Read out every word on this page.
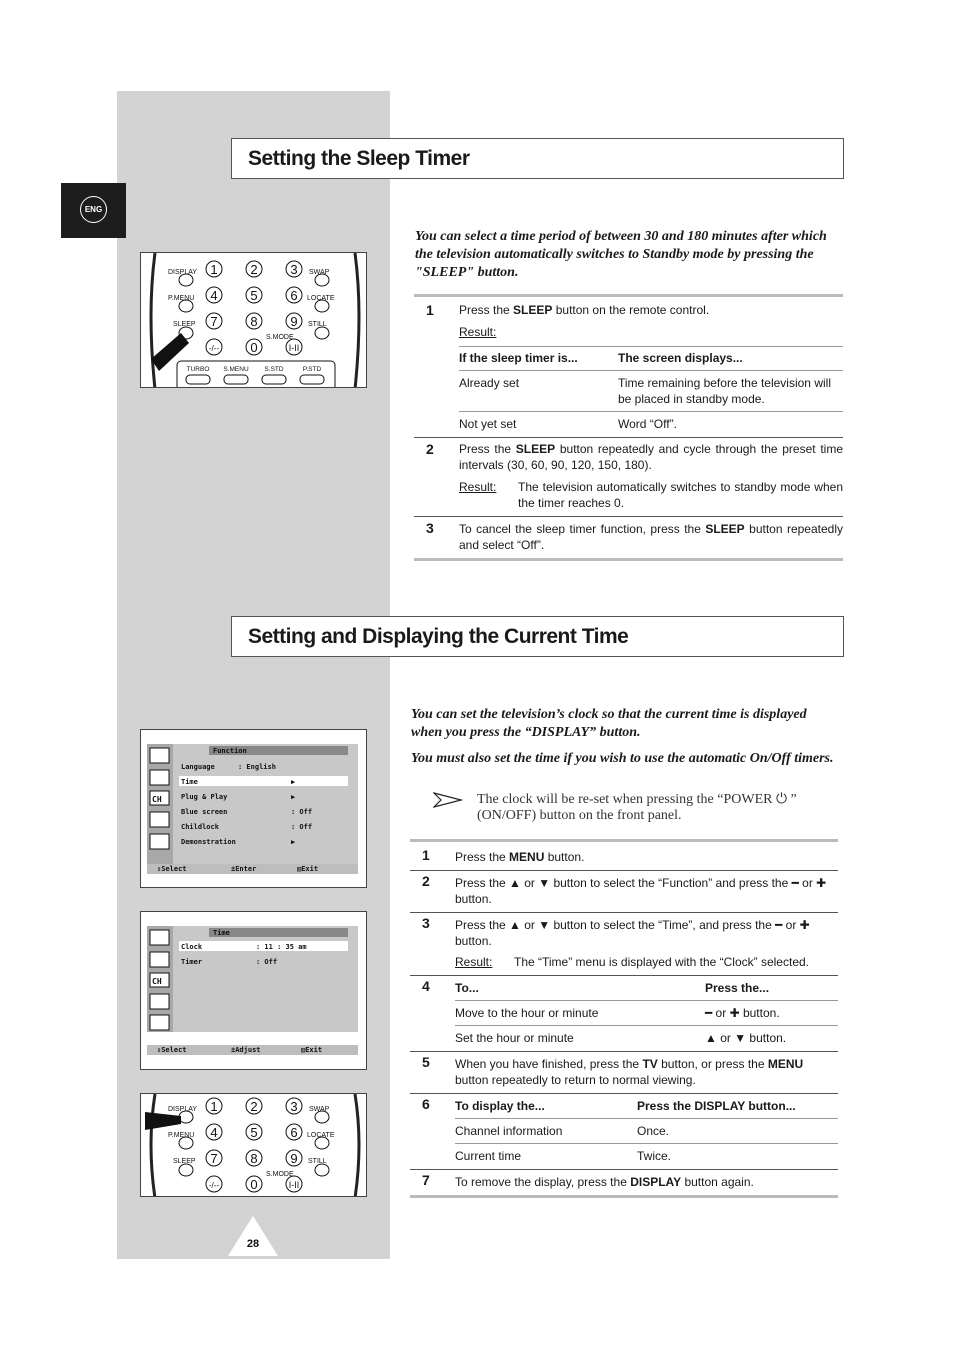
ENG
Setting the Sleep Timer
You can select a time period of between 30 and 180 minutes after which the television automatically switches to Standby mode by pressing the "SLEEP" button.
DISPLAY
P.MENU
SLEEP
SWAP
LOCATE
STILL
S.MODE
1	2	3
4	5	6
7	8	9
0
-/--	I-II
TURBO S.MENU S.STD	P.STD
1 Press the SLEEP button on the remote control.
Result:
If the sleep timer is...	The screen displays...
Already set	Time remaining before the television will be placed in standby mode.
Not yet set	Word “Off”.
2 Press the SLEEP button repeatedly and cycle through the preset time intervals (30, 60, 90, 120, 150, 180).
Result: The television automatically switches to standby mode when the timer reaches 0.
3 To cancel the sleep timer function, press the SLEEP button repeatedly and select “Off”.
Setting and Displaying the Current Time
You can set the television’s clock so that the current time is displayed when you press the “DISPLAY” button.
You must also set the time if you wish to use the automatic On/Off timers.
The clock will be re-set when pressing the “POWER ⏻ ” (ON/OFF) button on the front panel.
CH
Function
Language	: English
Time	▶
Plug & Play	▶
Blue screen	: Off
Childlock	: Off
Demonstration	▶
⇕Select	±Enter	▥Exit
CH
Time
Clock	: 11 : 35 am
Timer	: Off
⇕Select	±Adjust	▥Exit
DISPLAY
P.MENU
SLEEP
SWAP
LOCATE
STILL
S.MODE
1	2	3
4	5	6
7	8	9
0
-/--	I-II
1 Press the MENU button.
2 Press the ▲ or ▼ button to select the “Function” and press the ━ or ✚ button.
3 Press the ▲ or ▼ button to select the “Time”, and press the ━ or ✚ button.
Result: The “Time” menu is displayed with the “Clock” selected.
4 To...	Press the...
Move to the hour or minute	━ or ✚ button.
Set the hour or minute	▲ or ▼ button.
5 When you have finished, press the TV button, or press the MENU button repeatedly to return to normal viewing.
6 To display the...	Press the DISPLAY button...
Channel information	Once.
Current time	Twice.
7 To remove the display, press the DISPLAY button again.
28
